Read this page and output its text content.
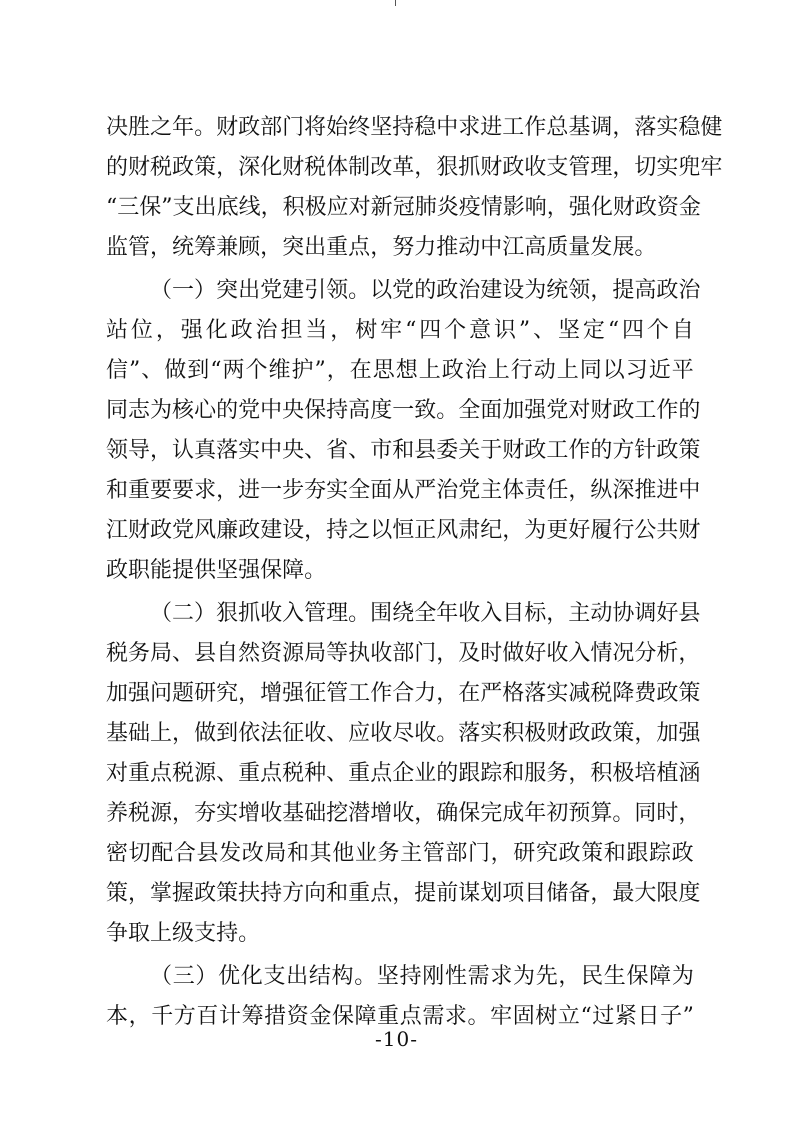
决 胜 之 年 。 财 政 部 门 将 始 终 坚 持 稳 中 求 进 工 作 总 基 调 ， 落 实 稳 健
的 财 税 政 策 ， 深 化 财 税 体 制 改 革 ， 狠 抓 财 政 收 支 管 理 ， 切 实 兜 牢
“ 三 保 ” 支 出 底 线 ， 积 极 应 对 新 冠 肺 炎 疫 情 影 响 ， 强 化 财 政 资 金
监 管 ， 统 筹 兼 顾 ， 突 出 重 点 ， 努 力 推 动 中 江 高 质 量 发 展 。
（ 一 ） 突 出 党 建 引 领 。 以 党 的 政 治 建 设 为 统 领 ， 提 高 政 治
站 位 ， 强 化 政 治 担 当 ， 树 牢 “ 四 个 意 识 ” 、 坚 定 “ 四 个 自
信 ” 、 做 到 “ 两 个 维 护 ” ， 在 思 想 上 政 治 上 行 动 上 同 以 习 近 平
同 志 为 核 心 的 党 中 央 保 持 高 度 一 致 。 全 面 加 强 党 对 财 政 工 作 的
领 导 ， 认 真 落 实 中 央 、 省 、 市 和 县 委 关 于 财 政 工 作 的 方 针 政 策
和 重 要 要 求 ， 进 一 步 夯 实 全 面 从 严 治 党 主 体 责 任 ， 纵 深 推 进 中
江 财 政 党 风 廉 政 建 设 ， 持 之 以 恒 正 风 肃 纪 ， 为 更 好 履 行 公 共 财
政 职 能 提 供 坚 强 保 障 。
（ 二 ） 狠 抓 收 入 管 理 。 围 绕 全 年 收 入 目 标 ， 主 动 协 调 好 县
税 务 局 、 县 自 然 资 源 局 等 执 收 部 门 ， 及 时 做 好 收 入 情 况 分 析 ，
加 强 问 题 研 究 ， 增 强 征 管 工 作 合 力 ， 在 严 格 落 实 减 税 降 费 政 策
基 础 上 ， 做 到 依 法 征 收 、 应 收 尽 收 。 落 实 积 极 财 政 政 策 ， 加 强
对 重 点 税 源 、 重 点 税 种 、 重 点 企 业 的 跟 踪 和 服 务 ， 积 极 培 植 涵
养 税 源 ， 夯 实 增 收 基 础 挖 潜 增 收 ， 确 保 完 成 年 初 预 算 。 同 时 ，
密 切 配 合 县 发 改 局 和 其 他 业 务 主 管 部 门 ， 研 究 政 策 和 跟 踪 政
策 ， 掌 握 政 策 扶 持 方 向 和 重 点 ， 提 前 谋 划 项 目 储 备 ， 最 大 限 度
争 取 上 级 支 持 。
（ 三 ） 优 化 支 出 结 构 。 坚 持 刚 性 需 求 为 先 ， 民 生 保 障 为
本 ， 千 方 百 计 筹 措 资 金 保 障 重 点 需 求 。 牢 固 树 立 “ 过 紧 日 子 ”
-10-
